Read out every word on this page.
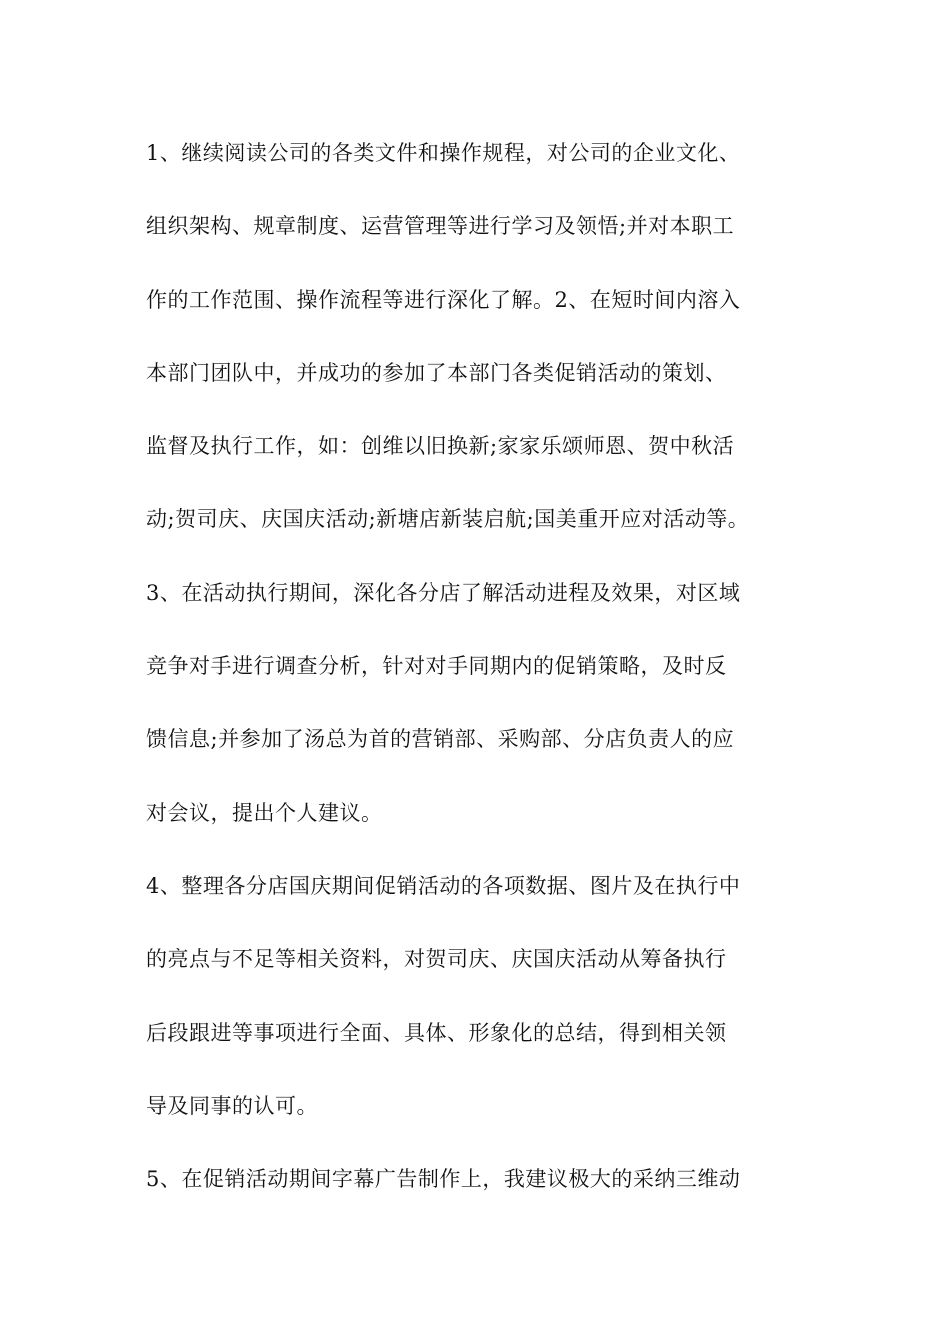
1、继续阅读公司的各类文件和操作规程，对公司的企业文化、
组织架构、规章制度、运营管理等进行学习及领悟;并对本职工
作的工作范围、操作流程等进行深化了解。2、在短时间内溶入
本部门团队中，并成功的参加了本部门各类促销活动的策划、
监督及执行工作，如：创维以旧换新;家家乐颂师恩、贺中秋活
动;贺司庆、庆国庆活动;新塘店新装启航;国美重开应对活动等。
3、在活动执行期间，深化各分店了解活动进程及效果，对区域
竞争对手进行调查分析，针对对手同期内的促销策略，及时反
馈信息;并参加了汤总为首的营销部、采购部、分店负责人的应
对会议，提出个人建议。
4、整理各分店国庆期间促销活动的各项数据、图片及在执行中
的亮点与不足等相关资料，对贺司庆、庆国庆活动从筹备执行
后段跟进等事项进行全面、具体、形象化的总结，得到相关领
导及同事的认可。
5、在促销活动期间字幕广告制作上，我建议极大的采纳三维动
